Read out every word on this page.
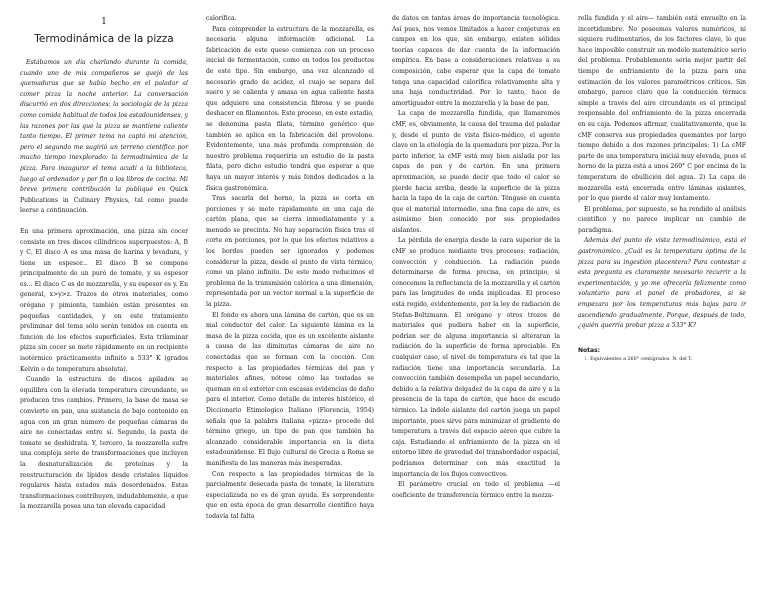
1
Termodinámica de la pizza

Estábamos un día charlando durante la comida, cuando uno de mis compañeros se quejó de las quemaduras que se había hecho en el paladar al comer pizza la noche anterior. La conversación discurrió en dos direcciones: la sociología de la pizza como comida habitual de todos los estadounidenses, y las razones por las que la pizza se mantiene caliente tanto tiempo. El primer tema no captó mi atención, pero el segundo me sugirió un terreno científico por mucho tiempo inexplorado: la termodinámica de la pizza. Para inaugurar el tema acudí a la biblioteca, luego al ordenador y por fin a los libros de cocina. Mi breve primera contribución la publiqué en Quick Publications in Culinary Physics, tal como puede leerse a continuación.

En una primera aproximación, una pizza sin cocer consiste en tres discos cilíndricos superpuestos: A, B y C. El disco A es una masa de harina y levadura, y tiene un espesor... El disco B se compone principalmente de un puré de tomate, y su espesor es... El disco C es de mozzarella, y su espesor es y. En general, x>y>z. Trazos de otros materiales, como orégano y pimienta, también están presentes en pequeñas cantidades, y en este tratamiento preliminar del tema sólo serán tenidos en cuenta en función de los efectos superficiales. Esta trilaminar pizza sin cocer se mete rápidamente en un recipiente isotérmico prácticamente infinito a 533° K (grados Kelvin o de temperatura absoluta).

Cuando la estructura de discos apilados se equilibra con la elevada temperatura circundante, se producen tres cambios. Primero, la base de masa se convierte en pan, una sustancia de bajo contenido en agua con un gran número de pequeñas cámaras de aire no conectadas entre sí. Segundo, la pasta de tomate se deshidrata. Y, tercero, la mozzarella sufre una compleja serie de transformaciones que incluyen la desnaturalización de proteínas y la reestructuración de lípidos desde cristales líquidos regulares hasta estados más desordenados. Estas transformaciones contribuyen, indudablemente, a que la mozzarella posea una tan elevada capacidad

calorífica.

Para comprender la estructura de la mozzarella, es necesaria alguna información adicional. La fabricación de este queso comienza con un proceso inicial de fermentación, como en todos los productos de este tipo. Sin embargo, una vez alcanzado el necesario grado de acidez, el cuajo se separa del suero y se calienta y amasa en agua caliente hasta que adquiere una consistencia fibrosa y se puede deshacer en filamentos. Este proceso, en este estadio, se denomina pasta filata, término genérico que también se aplica en la fabricación del provolone. Evidentemente, una más profunda comprensión de nuestro problema requeriría un estudio de la pasta filata, pero dicho estudio tendrá que esperar a que haya un mayor interés y más fondos dedicados a la física gastronómica.

Tras sacarla del horno, la pizza se corta en porciones y se mete rápidamente en una caja de cartón plana, que se cierra inmediatamente y a menudo se precinta. No hay separación física tras el corte en porciones, por lo que los efectos relativos a los bordes pueden ser ignorados y podemos considerar la pizza, desde el punto de vista térmico, como un plano infinito. De este modo reducimos el problema de la transmisión calórica a una dimensión, representada por un vector normal a la superficie de la pizza.

El fondo es ahora una lámina de cartón, que es un mal conductor del calor. La siguiente lámina es la masa de la pizza cocida, que es un excelente aislante a causa de las diminutas cámaras de aire no conectadas que se forman con la cocción. Con respecto a las propiedades térmicas del pan y materiales afines, nótese cómo las tostadas se queman en el exterior con escasas evidencias de daño para el interior. Como detalle de interés histórico, el Diccionario Etimologico Italiano (Florencia, 1954) señala que la palabra italiana «pizza» procede del término griego, un tipo de pan que también ha alcanzado considerable importancia en la dieta estadounidense. El flujo cultural de Grecia a Roma se manifiesta de las maneras más inesperadas.

Con respecto a las propiedades térmicas de la parcialmente desecada pasta de tomate, la literatura especializada no es de gran ayuda. Es sorprendente que en esta época de gran desarrollo científico haya todavía tal falta

de datos en tantas áreas de importancia tecnológica. Así pues, nos vemos limitados a hacer conjeturas en campos en los que, sin embargo, existen sólidas teorías capaces de dar cuenta de la información empírica. En base a consideraciones relativas a su composición, cabe esperar que la capa de tomate tenga una capacidad calorífica relativamente alta y una baja conductividad. Por lo tanto, hace de amortiguador entre la mozzarella y la base de pan.

La capa de mozzarella fundida, que llamaremos cMF, es, obviamente, la causa del trauma del paladar y, desde el punto de vista físico-médico, el agente clave en la etiología de la quemadura por pizza. Por la parte inferior, la cMF está muy bien aislada por las capas de pan y de cartón. En una primera aproximación, se puede decir que todo el calor se pierde hacia arriba, desde la superficie de la pizza hacia la tapa de la caja de cartón. Téngase en cuenta que el material intermedio, una fina capa de aire, es asimismo bien conocido por sus propiedades aislantes.

La pérdida de energía desde la cara superior de la cMF se produce mediante tres procesos: radiación, convección y conducción. La radiación puede determinarse de forma precisa, en principio, si conocemos la reflectancia de la mozzarella y el cartón para las longitudes de onda implicadas. El proceso está regido, evidentemente, por la ley de radiación de Stefan-Boltzmann. El orégano y otros trozos de materiales que pudiera haber en la superficie, podrían ser de alguna importancia si alteraran la radiación de la superficie de forma apreciable. En cualquier caso, el nivel de temperatura es tal que la radiación tiene una importancia secundaria. La convección también desempeña un papel secundario, debido a la relativa delgadez de la capa de aire y a la presencia de la tapa de cartón, que hace de escudo térmico. La índole aislante del cartón juega un papel importante, pues sirve para minimizar el gradiente de temperatura a través del espacio aéreo que cubre la caja. Estudiando el enfriamiento de la pizza en el entorno libre de gravedad del transbordador espacial, podríamos determinar con más exactitud la importancia de los flujos convectivos.

El parámetro crucial en todo el problema —el coeficiente de transferencia térmico entre la mozza-

rella fundida y el aire— también está envuelto en la incertidumbre. No poseemos valores numéricos, ni siquiera rudimentarios, de los factores clave, lo que hace imposible construir un modelo matemático serio del problema. Probablemente sería mejor partir del tiempo de enfriamiento de la pizza para una estimación de los valores paramétricos críticos. Sin embargo, parece claro que la conducción térmica simple a través del aire circundante es el principal responsable del enfriamiento de la pizza encerrada en su caja. Podemos afirmar, cualitativamente, que la cMF conserva sus propiedades quemantes por largo tiempo debido a dos razones principales: 1) La cMF parte de una temperatura inicial muy elevada, pues el horno de la pizza está a unos 260° C por encima de la temperatura de ebullición del agua. 2) La capa de mozzarella está encerrada entre láminas aislantes, por lo que pierde el calor muy lentamente.

El problema, por supuesto, se ha rendido al análisis científico y no parece implicar un cambio de paradigma.

Además del punto de vista termodinámico, está el gastronómico. ¿Cuál es la temperatura óptima de la pizza para su ingestión placentera? Para contestar a esta pregunta es claramente necesario recurrir a la experimentación, y yo me ofrecería felizmente como voluntario para el panel de probadores, si se empezara por los temperaturas más bajas para ir ascendiendo gradualmente. Porque, después de todo, ¿quién querría probar pizza a 533° K?

Notas:

1. Equivalentes a 260° centígrados. N. del T.
